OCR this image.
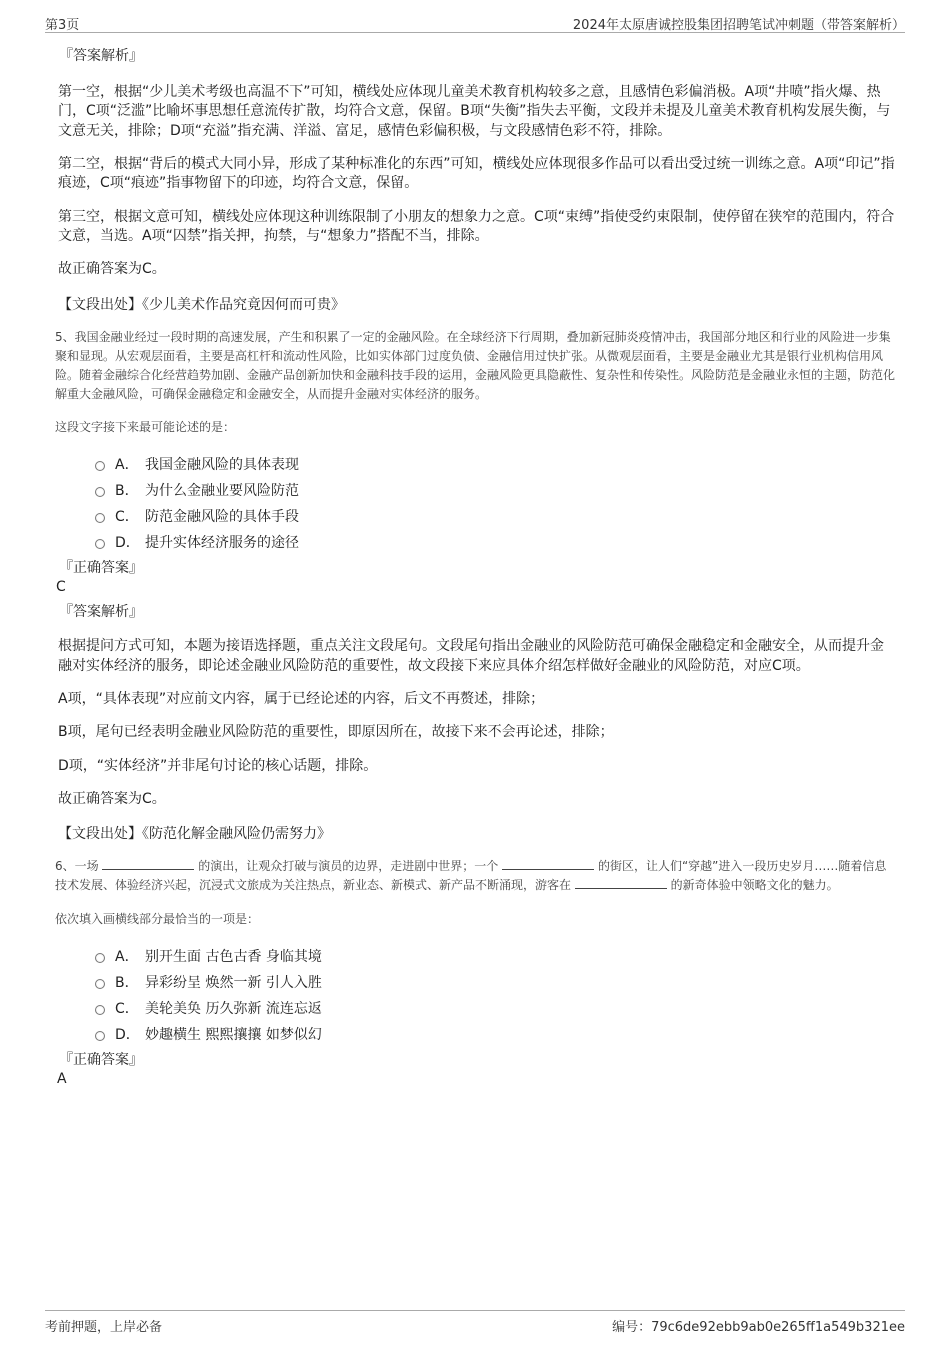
第3页	2024年太原唐诚控股集团招聘笔试冲刺题（带答案解析）
『答案解析』

第一空，根据“少儿美术考级也高温不下”可知，横线处应体现儿童美术教育机构较多之意，且感情色彩偏消极。A项“井喷”指火爆、热门，C项“泛滥”比喻坏事思想任意流传扩散，均符合文意，保留。B项“失衡”指失去平衡，文段并未提及儿童美术教育机构发展失衡，与文意无关，排除；D项“充溢”指充满、洋溢、富足，感情色彩偏积极，与文段感情色彩不符，排除。

第二空，根据“背后的模式大同小异，形成了某种标准化的东西”可知，横线处应体现很多作品可以看出受过统一训练之意。A项“印记”指痕迹，C项“痕迹”指事物留下的印迹，均符合文意，保留。

第三空，根据文意可知，横线处应体现这种训练限制了小朋友的想象力之意。C项“束缚”指使受约束限制，使停留在狭窄的范围内，符合文意，当选。A项“囚禁”指关押，拘禁，与“想象力”搭配不当，排除。

故正确答案为C。

【文段出处】《少儿美术作品究竟因何而可贵》

5、我国金融业经过一段时期的高速发展，产生和积累了一定的金融风险。在全球经济下行周期，叠加新冠肺炎疫情冲击，我国部分地区和行业的风险进一步集聚和显现。从宏观层面看，主要是高杠杆和流动性风险，比如实体部门过度负债、金融信用过快扩张。从微观层面看，主要是金融业尤其是银行业机构信用风险。随着金融综合化经营趋势加剧、金融产品创新加快和金融科技手段的运用，金融风险更具隐蔽性、复杂性和传染性。风险防范是金融业永恒的主题，防范化解重大金融风险，可确保金融稳定和金融安全，从而提升金融对实体经济的服务。

这段文字接下来最可能论述的是：

A． 我国金融风险的具体表现
B． 为什么金融业要风险防范
C． 防范金融风险的具体手段
D． 提升实体经济服务的途径
『正确答案』
C
『答案解析』

根据提问方式可知，本题为接语选择题，重点关注文段尾句。文段尾句指出金融业的风险防范可确保金融稳定和金融安全，从而提升金融对实体经济的服务，即论述金融业风险防范的重要性，故文段接下来应具体介绍怎样做好金融业的风险防范，对应C项。

A项，“具体表现”对应前文内容，属于已经论述的内容，后文不再赘述，排除；

B项，尾句已经表明金融业风险防范的重要性，即原因所在，故接下来不会再论述，排除；

D项，“实体经济”并非尾句讨论的核心话题，排除。

故正确答案为C。

【文段出处】《防范化解金融风险仍需努力》

6、一场	的演出，让观众打破与演员的边界，走进剧中世界；一个	的街区，让人们“穿越”进入一段历史岁月……随着信息技术发展、体验经济兴起，沉浸式文旅成为关注热点，新业态、新模式、新产品不断涌现，游客在	的新奇体验中领略文化的魅力。

依次填入画横线部分最恰当的一项是：

A． 别开生面 古色古香 身临其境
B． 异彩纷呈 焕然一新 引人入胜
C． 美轮美奂 历久弥新 流连忘返
D． 妙趣横生 熙熙攘攘 如梦似幻
『正确答案』
A
考前押题，上岸必备	编号：79c6de92ebb9ab0e265ff1a549b321ee
